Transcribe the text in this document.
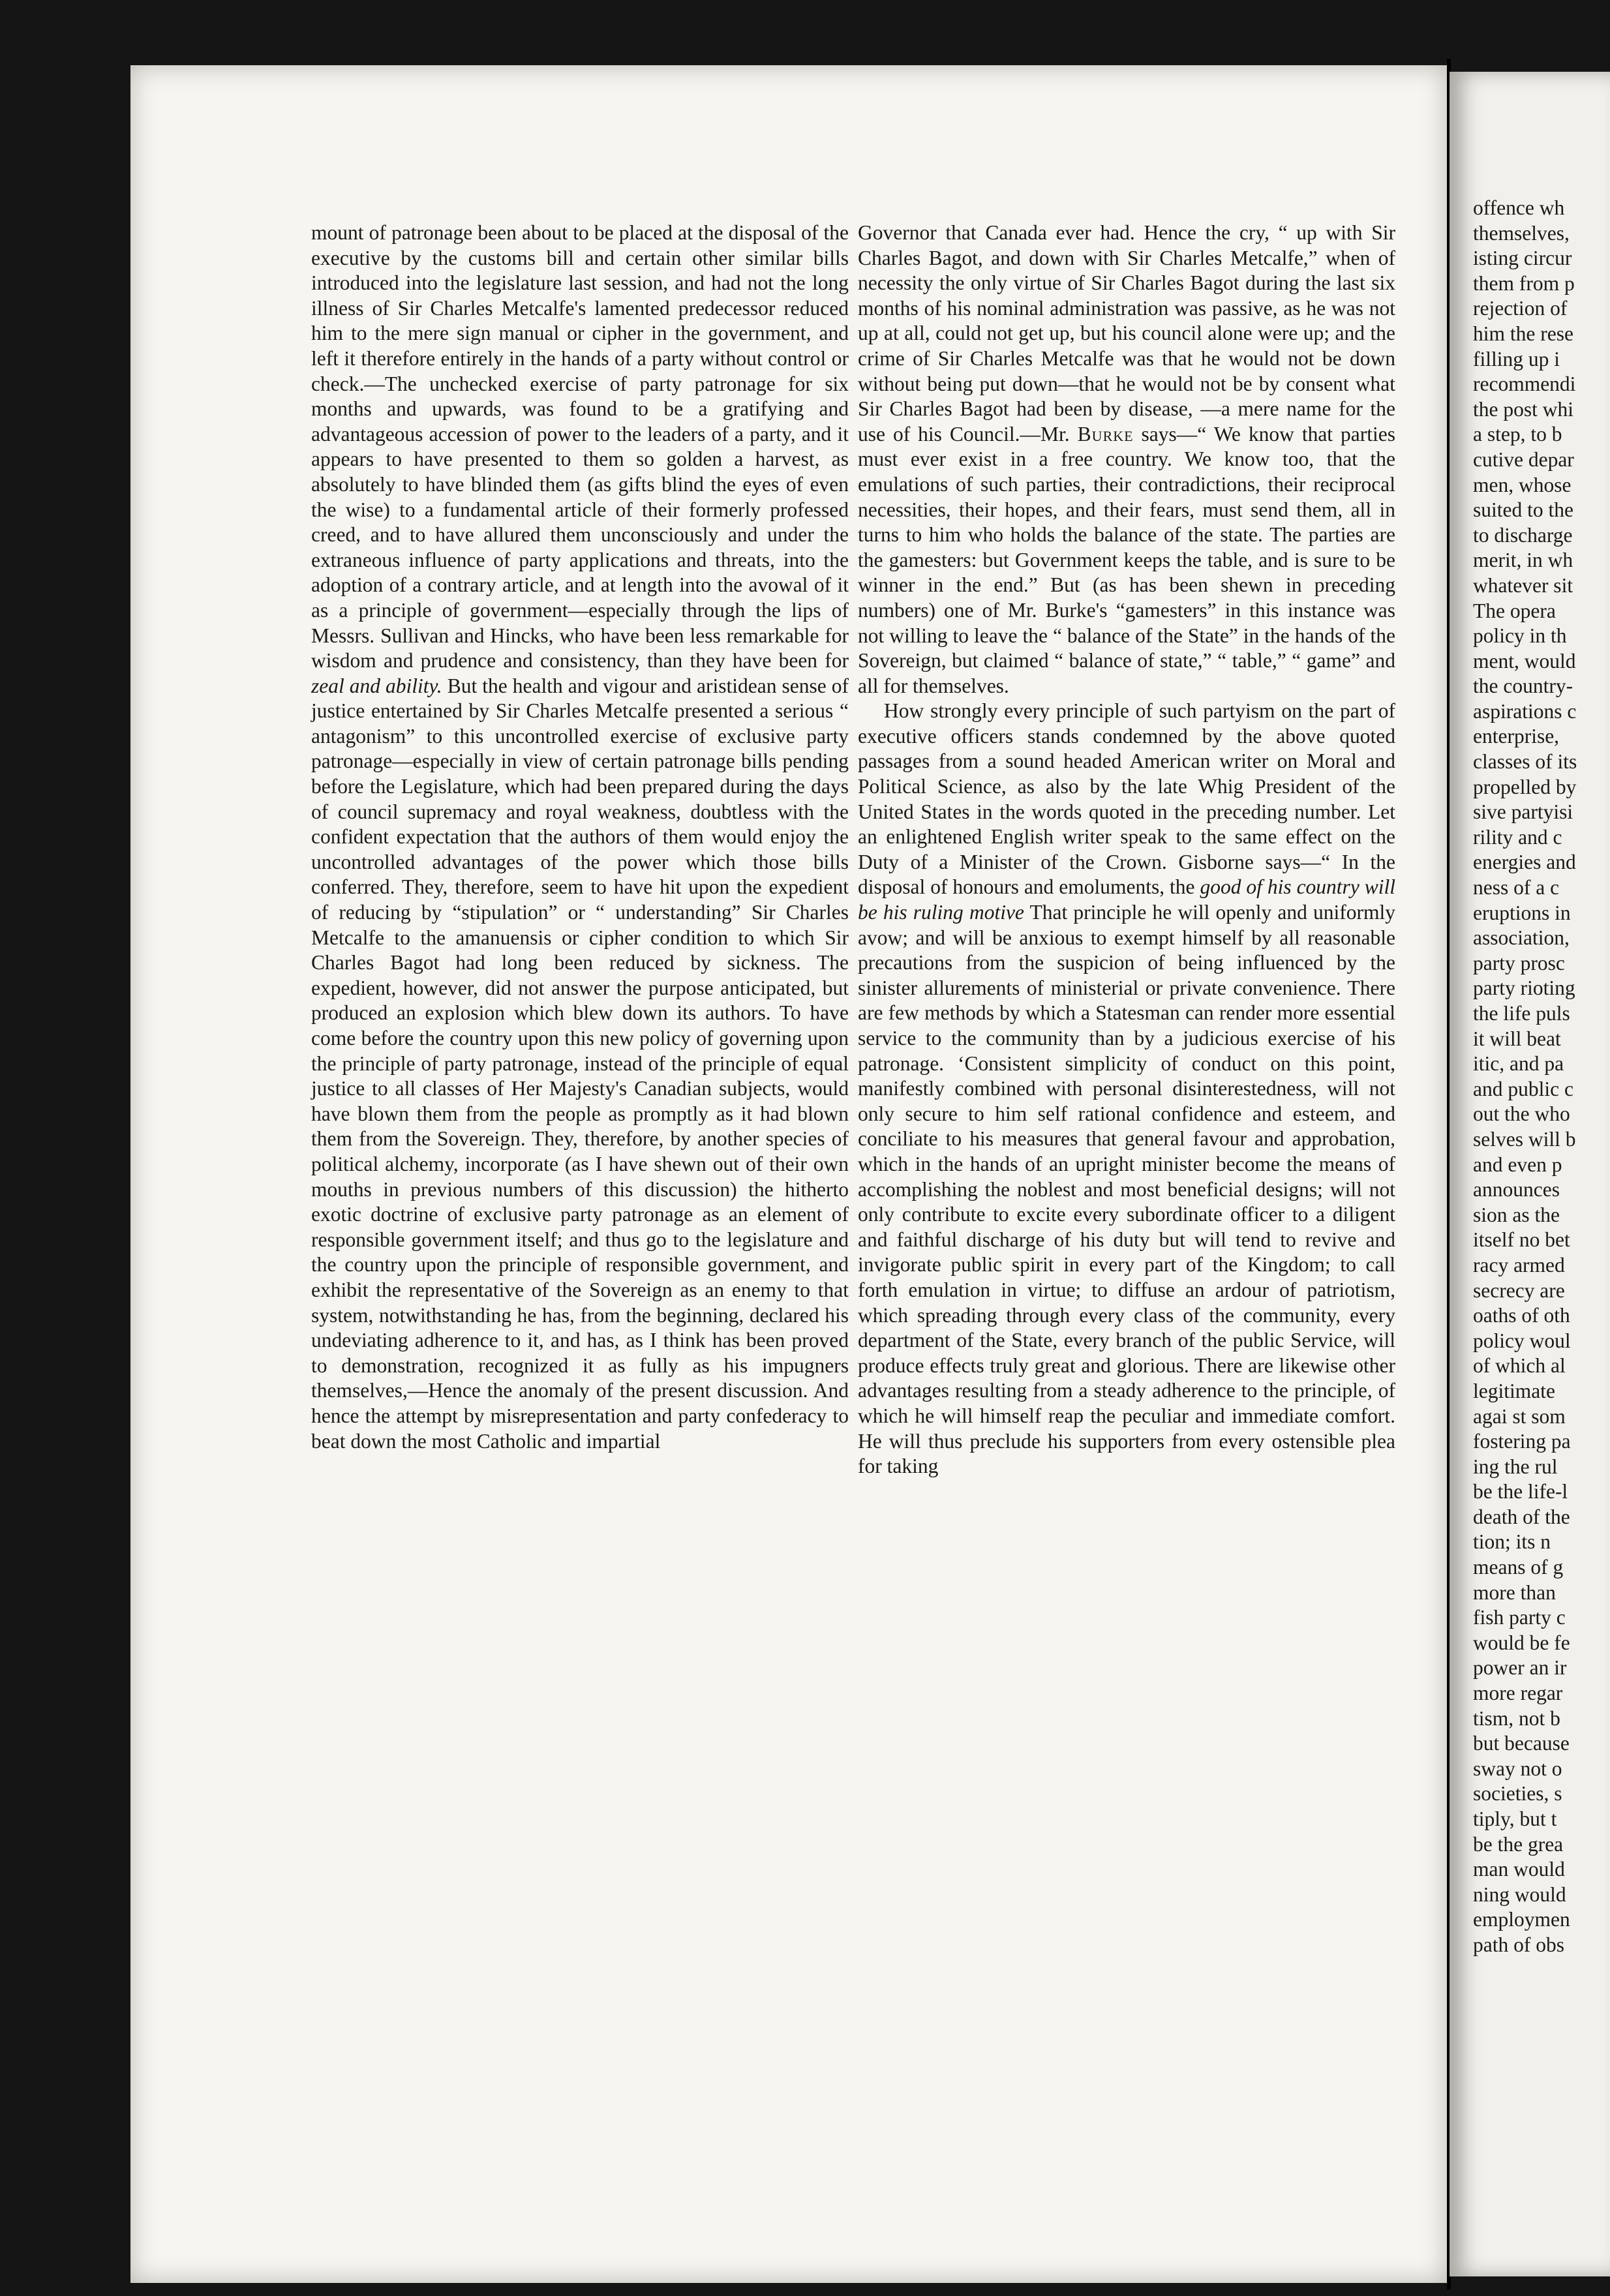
mount of patronage been about to be placed at the disposal of the executive by the customs bill and certain other similar bills introduced into the legislature last session, and had not the long illness of Sir Charles Metcalfe's lamented predecessor reduced him to the mere sign manual or cipher in the government, and left it therefore entirely in the hands of a party without control or check.—The unchecked exercise of party patronage for six months and upwards, was found to be a gratifying and advantageous accession of power to the leaders of a party, and it appears to have presented to them so golden a harvest, as absolutely to have blinded them (as gifts blind the eyes of even the wise) to a fundamental article of their formerly professed creed, and to have allured them unconsciously and under the extraneous influence of party applications and threats, into the adoption of a contrary article, and at length into the avowal of it as a principle of government—especially through the lips of Messrs. Sullivan and Hincks, who have been less remarkable for wisdom and prudence and consistency, than they have been for zeal and ability. But the health and vigour and aristidean sense of justice entertained by Sir Charles Metcalfe presented a serious “ antagonism” to this uncontrolled exercise of exclusive party patronage—especially in view of certain patronage bills pending before the Legislature, which had been prepared during the days of council supremacy and royal weakness, doubtless with the confident expectation that the authors of them would enjoy the uncontrolled advantages of the power which those bills conferred. They, therefore, seem to have hit upon the expedient of reducing by “stipulation” or “ understanding” Sir Charles Metcalfe to the amanuensis or cipher condition to which Sir Charles Bagot had long been reduced by sickness. The expedient, however, did not answer the purpose anticipated, but produced an explosion which blew down its authors. To have come before the country upon this new policy of governing upon the principle of party patronage, instead of the principle of equal justice to all classes of Her Majesty's Canadian subjects, would have blown them from the people as promptly as it had blown them from the Sovereign. They, therefore, by another species of political alchemy, incorporate (as I have shewn out of their own mouths in previous numbers of this discussion) the hitherto exotic doctrine of exclusive party patronage as an element of responsible government itself; and thus go to the legislature and the country upon the principle of responsible government, and exhibit the representative of the Sovereign as an enemy to that system, notwithstanding he has, from the beginning, declared his undeviating adherence to it, and has, as I think has been proved to demonstration, recognized it as fully as his impugners themselves,—Hence the anomaly of the present discussion. And hence the attempt by misrepresentation and party confederacy to beat down the most Catholic and impartial

Governor that Canada ever had. Hence the cry, “ up with Sir Charles Bagot, and down with Sir Charles Metcalfe,” when of necessity the only virtue of Sir Charles Bagot during the last six months of his nominal administration was passive, as he was not up at all, could not get up, but his council alone were up; and the crime of Sir Charles Metcalfe was that he would not be down without being put down—that he would not be by consent what Sir Charles Bagot had been by disease, —a mere name for the use of his Council.—Mr. Burke says—“ We know that parties must ever exist in a free country. We know too, that the emulations of such parties, their contradictions, their reciprocal necessities, their hopes, and their fears, must send them, all in turns to him who holds the balance of the state. The parties are the gamesters: but Government keeps the table, and is sure to be winner in the end.” But (as has been shewn in preceding numbers) one of Mr. Burke's “gamesters” in this instance was not willing to leave the “ balance of the State” in the hands of the Sovereign, but claimed “ balance of state,” “ table,” “ game” and all for themselves.

How strongly every principle of such partyism on the part of executive officers stands condemned by the above quoted passages from a sound headed American writer on Moral and Political Science, as also by the late Whig President of the United States in the words quoted in the preceding number. Let an enlightened English writer speak to the same effect on the Duty of a Minister of the Crown. Gisborne says—“ In the disposal of honours and emoluments, the good of his country will be his ruling motive That principle he will openly and uniformly avow; and will be anxious to exempt himself by all reasonable precautions from the suspicion of being influenced by the sinister allurements of ministerial or private convenience. There are few methods by which a Statesman can render more essential service to the community than by a judicious exercise of his patronage. ‘Consistent simplicity of conduct on this point, manifestly combined with personal disinterestedness, will not only secure to him self rational confidence and esteem, and conciliate to his measures that general favour and approbation, which in the hands of an upright minister become the means of accomplishing the noblest and most beneficial designs; will not only contribute to excite every subordinate officer to a diligent and faithful discharge of his duty but will tend to revive and invigorate public spirit in every part of the Kingdom; to call forth emulation in virtue; to diffuse an ardour of patriotism, which spreading through every class of the community, every department of the State, every branch of the public Service, will produce effects truly great and glorious. There are likewise other advantages resulting from a steady adherence to the principle, of which he will himself reap the peculiar and immediate comfort. He will thus preclude his supporters from every ostensible plea for taking

offence wh
themselves,
isting circur
them from p
rejection of
him the rese
filling up i
recommendi
the post whi
a step, to b
cutive depar
men, whose
suited to the
to discharge
merit, in wh
whatever sit
The opera
policy in th
ment, would
the country-
aspirations c
enterprise,
classes of its
propelled by
sive partyisi
rility and c
energies and
ness of a c
eruptions in
association,
party prosc
party rioting
the life puls
it will beat
itic, and pa
and public c
out the who
selves will b
and even p
announces
sion as the
itself no bet
racy armed
secrecy are
oaths of oth
policy woul
of which al
legitimate
agai st som
fostering pa
ing the rul
be the life-l
death of the
tion; its n
means of g
more than
fish party c
would be fe
power an ir
more regar
tism, not b
but because
sway not o
societies, s
tiply, but t
be the grea
man would
ning would
employmen
path of obs
